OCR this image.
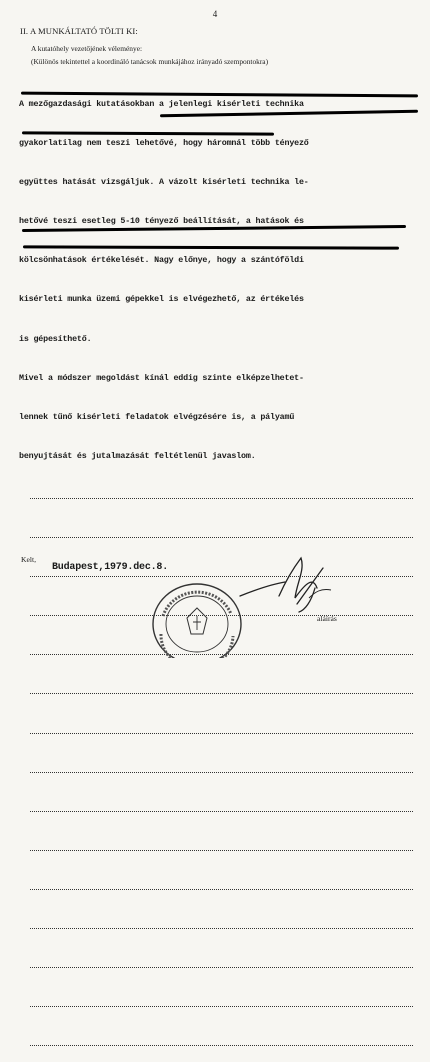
4
II. A MUNKÁLTATÓ TÖLTI KI:
A kutatóhely vezetőjének véleménye:
(Különös tekintettel a koordináló tanácsok munkájához irányadó szempontokra)

A mezőgazdasági kutatásokban a jelenlegi kisérleti technika

gyakorlatilag nem teszi lehetővé, hogy háromnál több tényező

együttes hatását vizsgáljuk. A vázolt kisérleti technika le-

hetővé teszi esetleg 5-10 tényező beállítását, a hatások és

kölcsönhatások értékelését. Nagy előnye, hogy a szántóföldi

kisérleti munka üzemi gépekkel is elvégezhető, az értékelés

is gépesíthető.

Mivel a módszer megoldást kínál eddig szinte elképzelhetet-

lennek tűnő kisérleti feladatok elvégzésére is, a pályamű

benyujtását és jutalmazását feltétlenül javaslom.

Kelt,
Budapest,1979.dec.8.
aláírás
